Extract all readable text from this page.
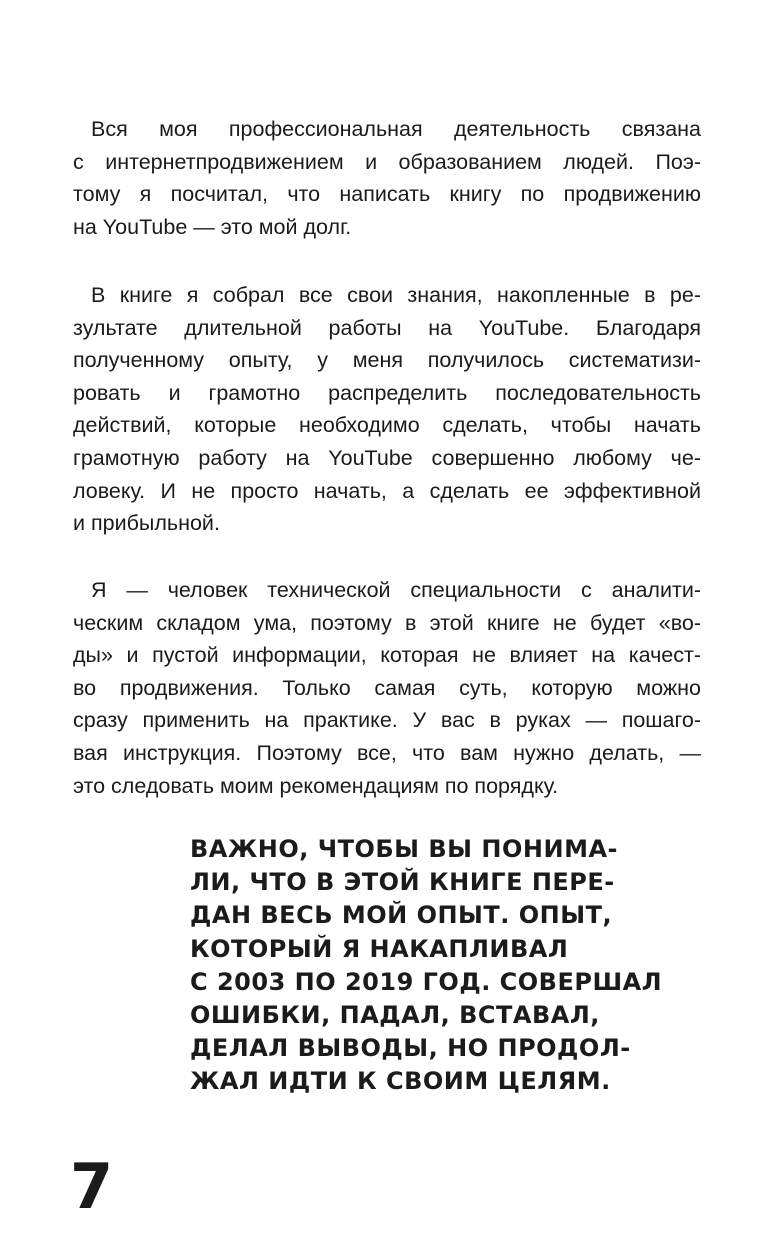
Вся моя профессиональная деятельность связана
с интернетпродвижением и образованием людей. Поэ-
тому я посчитал, что написать книгу по продвижению
на YouTube — это мой долг.
В книге я собрал все свои знания, накопленные в ре-
зультате длительной работы на YouTube. Благодаря
полученному опыту, у меня получилось систематизи-
ровать и грамотно распределить последовательность
действий, которые необходимо сделать, чтобы начать
грамотную работу на YouTube совершенно любому че-
ловеку. И не просто начать, а сделать ее эффективной
и прибыльной.
Я — человек технической специальности с аналити-
ческим складом ума, поэтому в этой книге не будет «во-
ды» и пустой информации, которая не влияет на качест-
во продвижения. Только самая суть, которую можно
сразу применить на практике. У вас в руках — пошаго-
вая инструкция. Поэтому все, что вам нужно делать, —
это следовать моим рекомендациям по порядку.
ВАЖНО, ЧТОБЫ ВЫ ПОНИМА-
ЛИ, ЧТО В ЭТОЙ КНИГЕ ПЕРЕ-
ДАН ВЕСЬ МОЙ ОПЫТ. ОПЫТ,
КОТОРЫЙ Я НАКАПЛИВАЛ
С 2003 ПО 2019 ГОД. СОВЕРШАЛ
ОШИБКИ, ПАДАЛ, ВСТАВАЛ,
ДЕЛАЛ ВЫВОДЫ, НО ПРОДОЛ-
ЖАЛ ИДТИ К СВОИМ ЦЕЛЯМ.
7
